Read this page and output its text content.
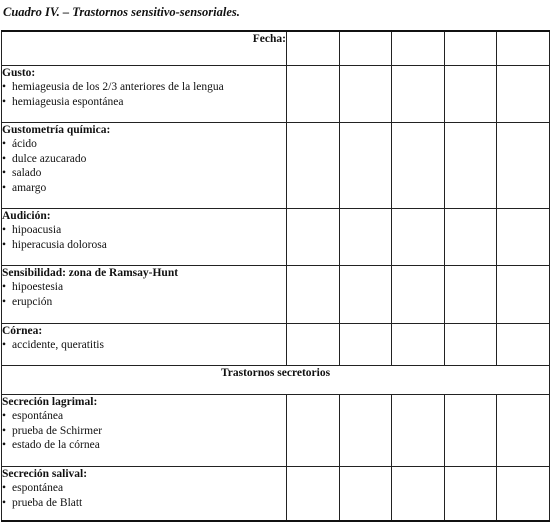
Cuadro IV. – Trastornos sensitivo-sensoriales.
Fecha:					

Gusto:
• hemiageusia de los 2/3 anteriores de la lengua
• hemiageusia espontánea

Gustometría química:
• ácido
• dulce azucarado
• salado
• amargo

Audición:
• hipoacusia
• hiperacusia dolorosa

Sensibilidad: zona de Ramsay-Hunt
• hipoestesia
• erupción

Córnea:
• accidente, queratitis

Trastornos secretorios					

Secreción lagrimal:
• espontánea
• prueba de Schirmer
• estado de la córnea

Secreción salival:
• espontánea
• prueba de Blatt
